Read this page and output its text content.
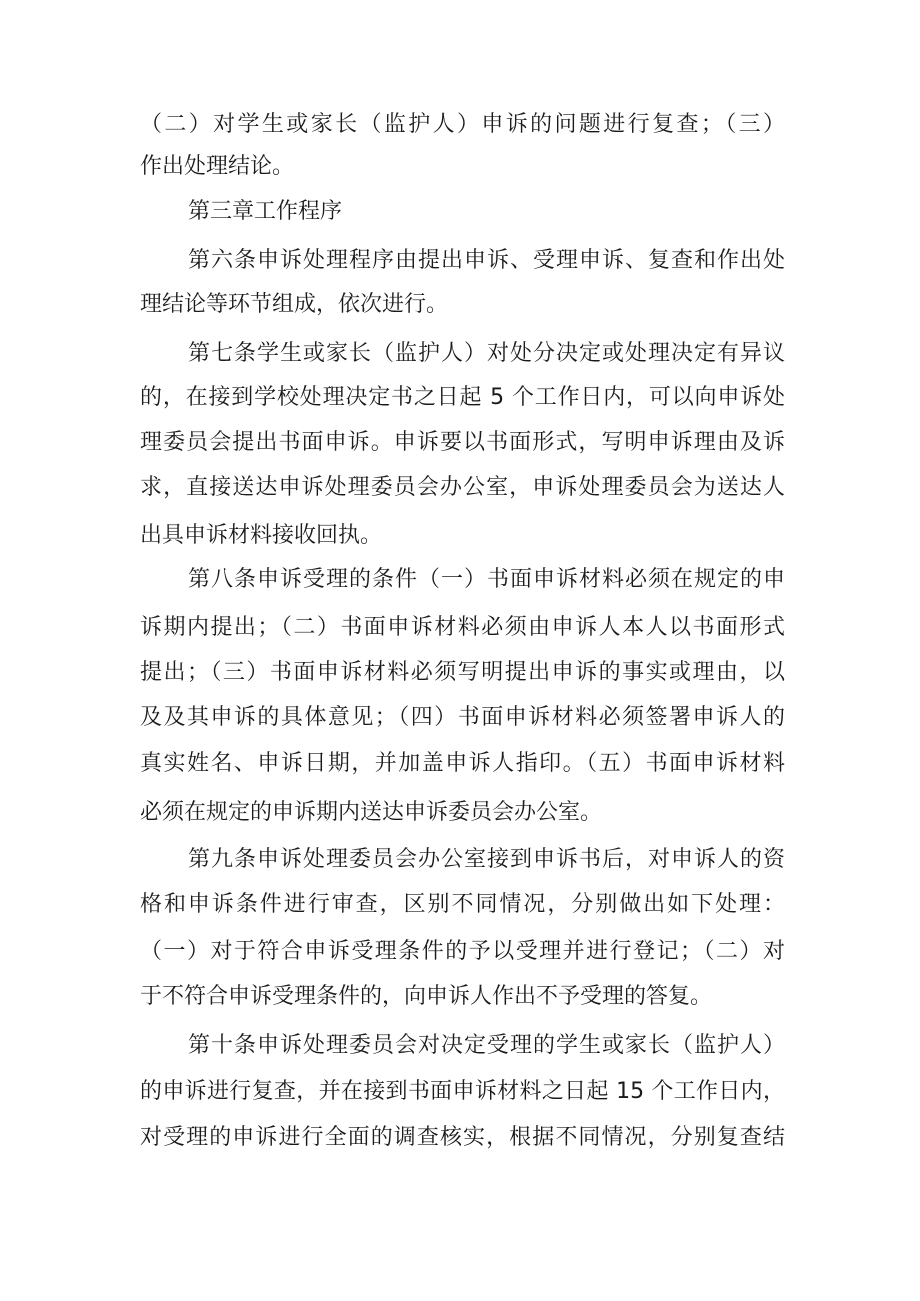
（二）对学生或家长（监护人）申诉的问题进行复查；（三）
作出处理结论。
第三章工作程序
第六条申诉处理程序由提出申诉、受理申诉、复查和作出处
理结论等环节组成，依次进行。
第七条学生或家长（监护人）对处分决定或处理决定有异议
的，在接到学校处理决定书之日起 5 个工作日内，可以向申诉处
理委员会提出书面申诉。申诉要以书面形式，写明申诉理由及诉
求，直接送达申诉处理委员会办公室，申诉处理委员会为送达人
出具申诉材料接收回执。
第八条申诉受理的条件（一）书面申诉材料必须在规定的申
诉期内提出；（二）书面申诉材料必须由申诉人本人以书面形式
提出；（三）书面申诉材料必须写明提出申诉的事实或理由，以
及及其申诉的具体意见；（四）书面申诉材料必须签署申诉人的
真实姓名、申诉日期，并加盖申诉人指印。（五）书面申诉材料
必须在规定的申诉期内送达申诉委员会办公室。
第九条申诉处理委员会办公室接到申诉书后，对申诉人的资
格和申诉条件进行审查，区别不同情况，分别做出如下处理：
（一）对于符合申诉受理条件的予以受理并进行登记；（二）对
于不符合申诉受理条件的，向申诉人作出不予受理的答复。
第十条申诉处理委员会对决定受理的学生或家长（监护人）
的申诉进行复查，并在接到书面申诉材料之日起 15 个工作日内，
对受理的申诉进行全面的调查核实，根据不同情况，分别复查结
